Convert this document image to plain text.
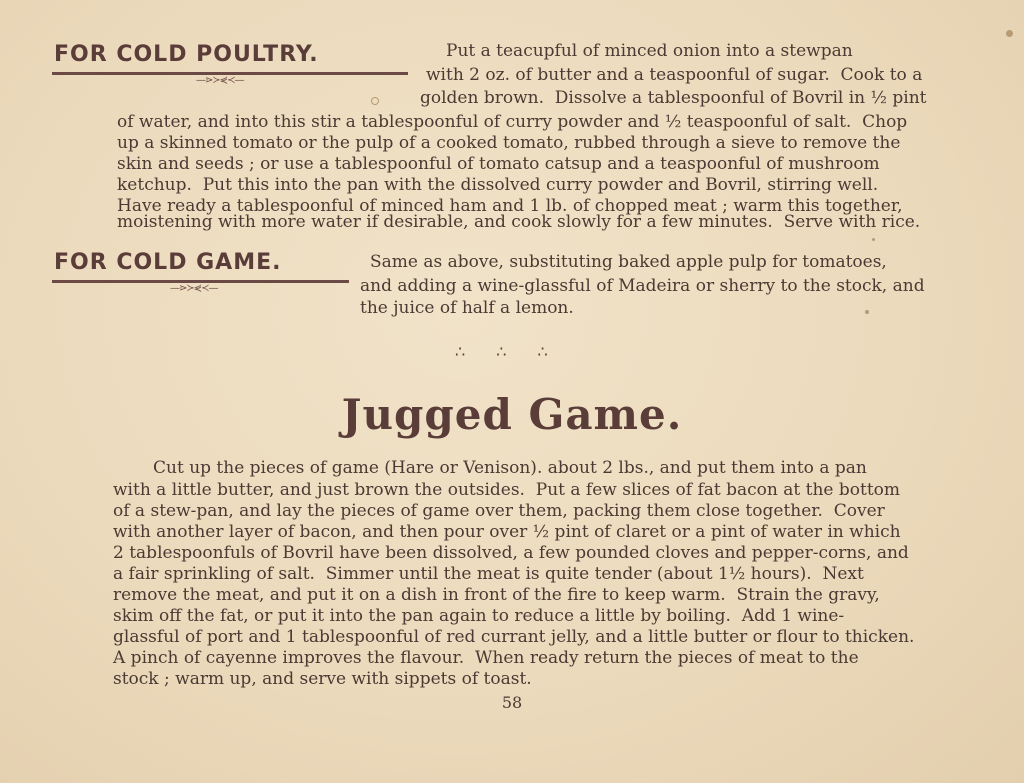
FOR COLD POULTRY.
—⋗≻⋞≺—
Put a teacupful of minced onion into a stewpan
with 2 oz. of butter and a teaspoonful of sugar.  Cook to a
golden brown.  Dissolve a tablespoonful of Bovril in ½ pint
of water, and into this stir a tablespoonful of curry powder and ½ teaspoonful of salt.  Chop
up a skinned tomato or the pulp of a cooked tomato, rubbed through a sieve to remove the
skin and seeds ; or use a tablespoonful of tomato catsup and a teaspoonful of mushroom
ketchup.  Put this into the pan with the dissolved curry powder and Bovril, stirring well.
Have ready a tablespoonful of minced ham and 1 lb. of chopped meat ; warm this together,
moistening with more water if desirable, and cook slowly for a few minutes.  Serve with rice.
FOR COLD GAME.
—⋗≻⋞≺—
Same as above, substituting baked apple pulp for tomatoes,
and adding a wine-glassful of Madeira or sherry to the stock, and
the juice of half a lemon.
∴ ∴ ∴
Jugged Game.
Cut up the pieces of game (Hare or Venison). about 2 lbs., and put them into a pan
with a little butter, and just brown the outsides.  Put a few slices of fat bacon at the bottom
of a stew-pan, and lay the pieces of game over them, packing them close together.  Cover
with another layer of bacon, and then pour over ½ pint of claret or a pint of water in which
2 tablespoonfuls of Bovril have been dissolved, a few pounded cloves and pepper-corns, and
a fair sprinkling of salt.  Simmer until the meat is quite tender (about 1½ hours).  Next
remove the meat, and put it on a dish in front of the fire to keep warm.  Strain the gravy,
skim off the fat, or put it into the pan again to reduce a little by boiling.  Add 1 wine-
glassful of port and 1 tablespoonful of red currant jelly, and a little butter or flour to thicken.
A pinch of cayenne improves the flavour.  When ready return the pieces of meat to the
stock ; warm up, and serve with sippets of toast.
58
